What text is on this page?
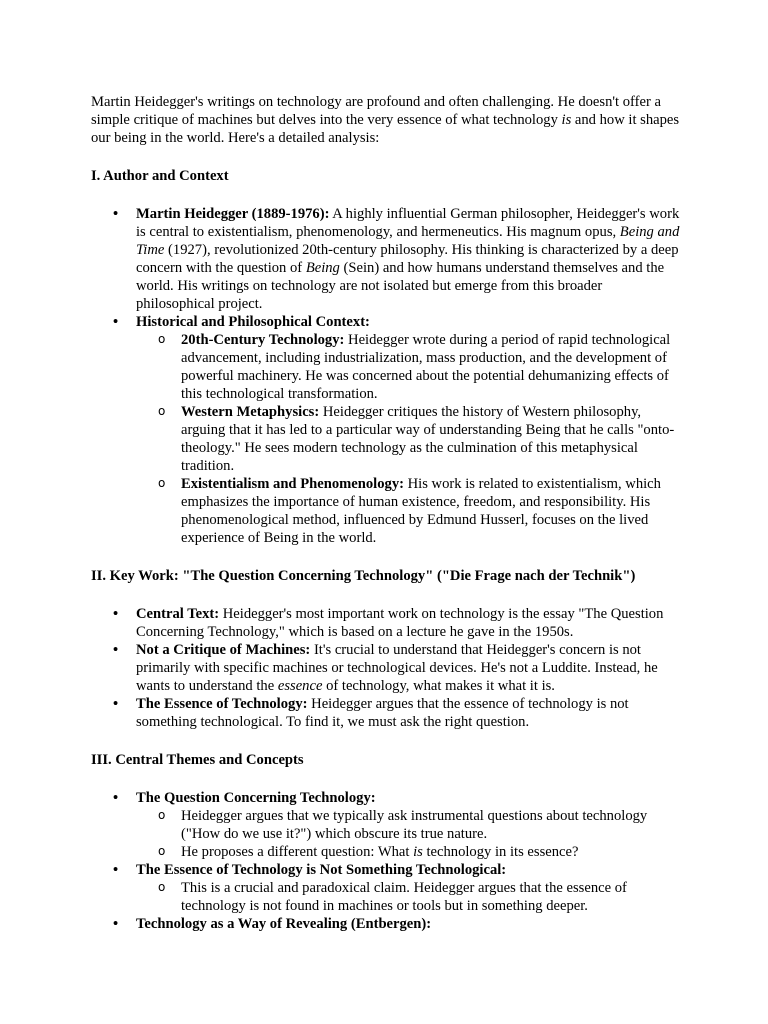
Martin Heidegger's writings on technology are profound and often challenging. He doesn't offer a simple critique of machines but delves into the very essence of what technology is and how it shapes our being in the world. Here's a detailed analysis:

I. Author and Context
• Martin Heidegger (1889-1976): A highly influential German philosopher, Heidegger's work is central to existentialism, phenomenology, and hermeneutics. His magnum opus, Being and Time (1927), revolutionized 20th-century philosophy. His thinking is characterized by a deep concern with the question of Being (Sein) and how humans understand themselves and the world. His writings on technology are not isolated but emerge from this broader philosophical project.
• Historical and Philosophical Context:
o 20th-Century Technology: Heidegger wrote during a period of rapid technological advancement, including industrialization, mass production, and the development of powerful machinery. He was concerned about the potential dehumanizing effects of this technological transformation.
o Western Metaphysics: Heidegger critiques the history of Western philosophy, arguing that it has led to a particular way of understanding Being that he calls "onto-theology." He sees modern technology as the culmination of this metaphysical tradition.
o Existentialism and Phenomenology: His work is related to existentialism, which emphasizes the importance of human existence, freedom, and responsibility. His phenomenological method, influenced by Edmund Husserl, focuses on the lived experience of Being in the world.
II. Key Work: "The Question Concerning Technology" ("Die Frage nach der Technik")
• Central Text: Heidegger's most important work on technology is the essay "The Question Concerning Technology," which is based on a lecture he gave in the 1950s.
• Not a Critique of Machines: It's crucial to understand that Heidegger's concern is not primarily with specific machines or technological devices. He's not a Luddite. Instead, he wants to understand the essence of technology, what makes it what it is.
• The Essence of Technology: Heidegger argues that the essence of technology is not something technological. To find it, we must ask the right question.
III. Central Themes and Concepts
• The Question Concerning Technology:
o Heidegger argues that we typically ask instrumental questions about technology ("How do we use it?") which obscure its true nature.
o He proposes a different question: What is technology in its essence?
• The Essence of Technology is Not Something Technological:
o This is a crucial and paradoxical claim. Heidegger argues that the essence of technology is not found in machines or tools but in something deeper.
• Technology as a Way of Revealing (Entbergen):
